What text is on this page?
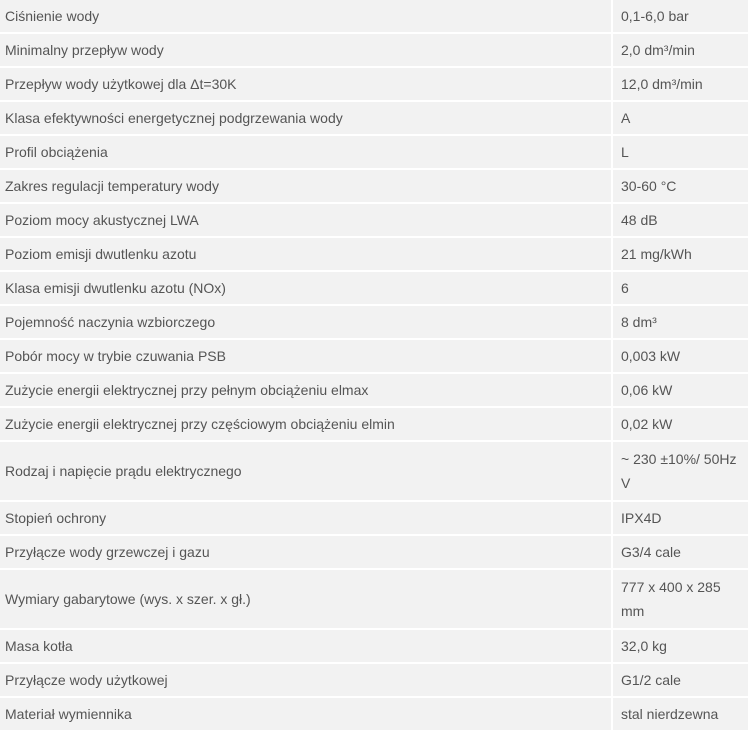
Ciśnienie wody	0,1-6,0 bar
Minimalny przepływ wody	2,0 dm³/min
Przepływ wody użytkowej dla Δt=30K	12,0 dm³/min
Klasa efektywności energetycznej podgrzewania wody	A
Profil obciążenia	L
Zakres regulacji temperatury wody	30-60 °C
Poziom mocy akustycznej LWA	48 dB
Poziom emisji dwutlenku azotu	21 mg/kWh
Klasa emisji dwutlenku azotu (NOx)	6
Pojemność naczynia wzbiorczego	8 dm³
Pobór mocy w trybie czuwania PSB	0,003 kW
Zużycie energii elektrycznej przy pełnym obciążeniu elmax	0,06 kW
Zużycie energii elektrycznej przy częściowym obciążeniu elmin	0,02 kW
Rodzaj i napięcie prądu elektrycznego	~ 230 ±10%/ 50Hz V
Stopień ochrony	IPX4D
Przyłącze wody grzewczej i gazu	G3/4 cale
Wymiary gabarytowe (wys. x szer. x gł.)	777 x 400 x 285 mm
Masa kotła	32,0 kg
Przyłącze wody użytkowej	G1/2 cale
Materiał wymiennika	stal nierdzewna
